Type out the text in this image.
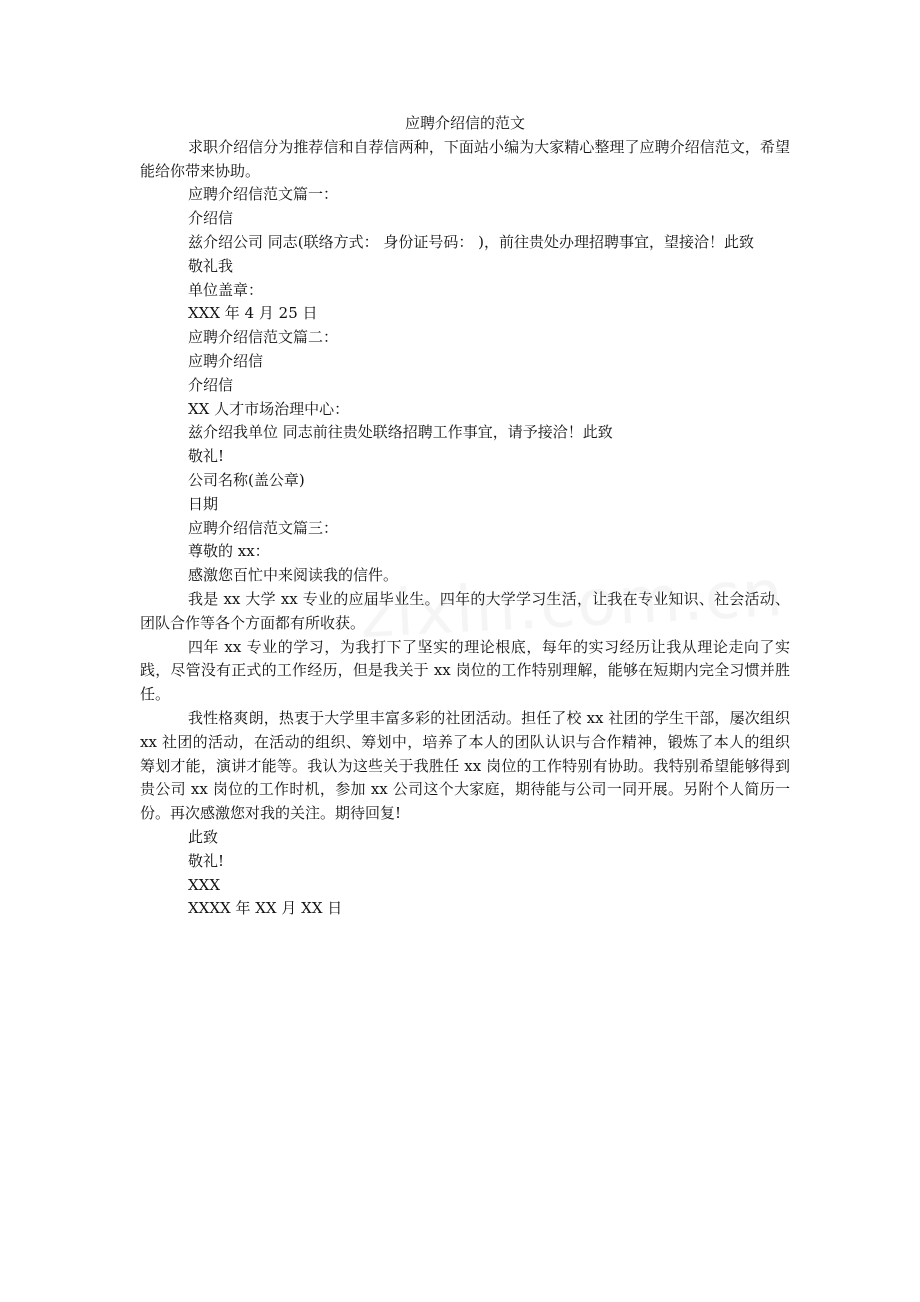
应聘介绍信的范文

求职介绍信分为推荐信和自荐信两种，下面站小编为大家精心整理了应聘介绍信范文，希望能给你带来协助。

应聘介绍信范文篇一：

介绍信

兹介绍公司 同志(联络方式： 身份证号码： )，前往贵处办理招聘事宜，望接洽！此致

敬礼我

单位盖章：

XXX 年 4 月 25 日

应聘介绍信范文篇二：

应聘介绍信

介绍信

XX 人才市场治理中心：

兹介绍我单位 同志前往贵处联络招聘工作事宜，请予接洽！此致

敬礼!

公司名称(盖公章)

日期

应聘介绍信范文篇三：

尊敬的 xx：

感激您百忙中来阅读我的信件。

我是 xx 大学 xx 专业的应届毕业生。四年的大学学习生活，让我在专业知识、社会活动、团队合作等各个方面都有所收获。

四年 xx 专业的学习，为我打下了坚实的理论根底，每年的实习经历让我从理论走向了实践，尽管没有正式的工作经历，但是我关于 xx 岗位的工作特别理解，能够在短期内完全习惯并胜任。

我性格爽朗，热衷于大学里丰富多彩的社团活动。担任了校 xx 社团的学生干部，屡次组织 xx 社团的活动，在活动的组织、筹划中，培养了本人的团队认识与合作精神，锻炼了本人的组织筹划才能，演讲才能等。我认为这些关于我胜任 xx 岗位的工作特别有协助。我特别希望能够得到贵公司 xx 岗位的工作时机，参加 xx 公司这个大家庭，期待能与公司一同开展。另附个人简历一份。再次感激您对我的关注。期待回复!

此致

敬礼!

XXX

XXXX 年 XX 月 XX 日
